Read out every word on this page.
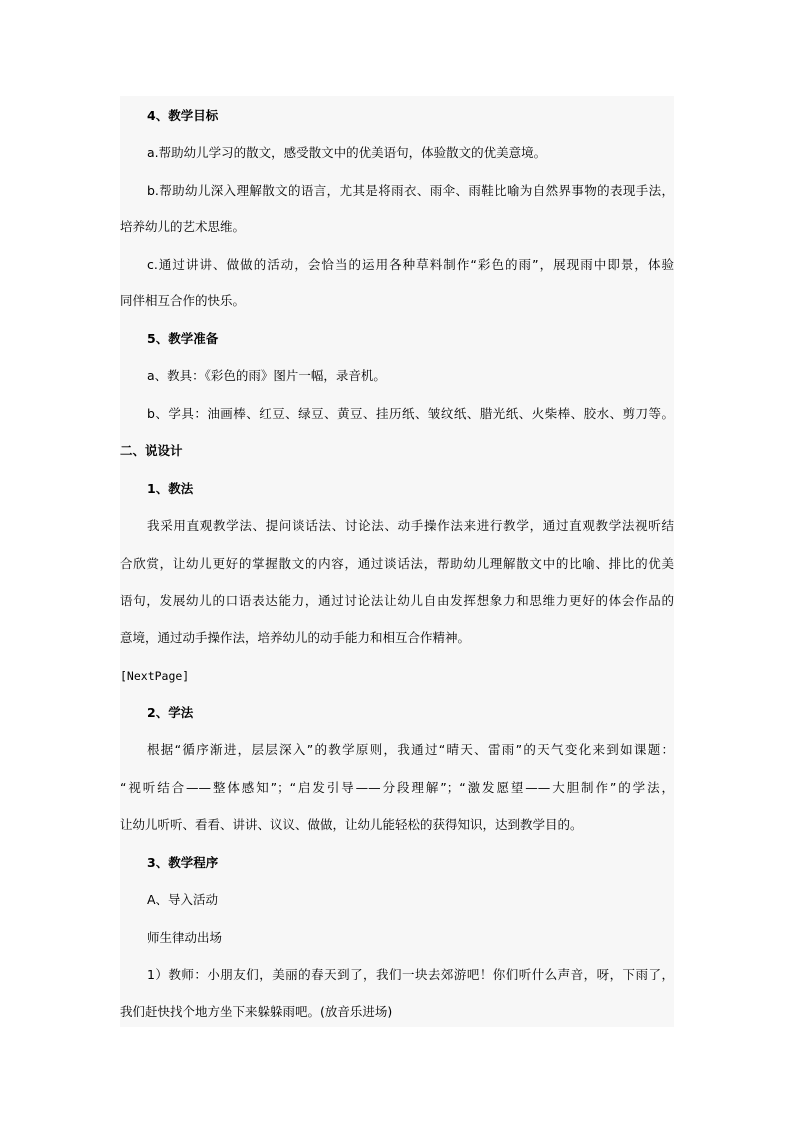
4、教学目标
a.帮助幼儿学习的散文，感受散文中的优美语句，体验散文的优美意境。
b.帮助幼儿深入理解散文的语言，尤其是将雨衣、雨伞、雨鞋比喻为自然界事物的表现手法，
培养幼儿的艺术思维。
c.通过讲讲、做做的活动，会恰当的运用各种草料制作“彩色的雨”，展现雨中即景，体验
同伴相互合作的快乐。
5、教学准备
a、教具：《彩色的雨》图片一幅，录音机。
b、学具：油画棒、红豆、绿豆、黄豆、挂历纸、皱纹纸、腊光纸、火柴棒、胶水、剪刀等。
二、说设计
1、教法
我采用直观教学法、提问谈话法、讨论法、动手操作法来进行教学，通过直观教学法视听结
合欣赏，让幼儿更好的掌握散文的内容，通过谈话法，帮助幼儿理解散文中的比喻、排比的优美
语句，发展幼儿的口语表达能力，通过讨论法让幼儿自由发挥想象力和思维力更好的体会作品的
意境，通过动手操作法，培养幼儿的动手能力和相互合作精神。
[NextPage]
2、学法
根据“循序渐进，层层深入”的教学原则，我通过“晴天、雷雨”的天气变化来到如课题：
“视听结合——整体感知”；“启发引导——分段理解”；“激发愿望——大胆制作”的学法，
让幼儿听听、看看、讲讲、议议、做做，让幼儿能轻松的获得知识，达到教学目的。
3、教学程序
A、导入活动
师生律动出场
1）教师：小朋友们，美丽的春天到了，我们一块去郊游吧！你们听什么声音，呀，下雨了，
我们赶快找个地方坐下来躲躲雨吧。(放音乐进场)
